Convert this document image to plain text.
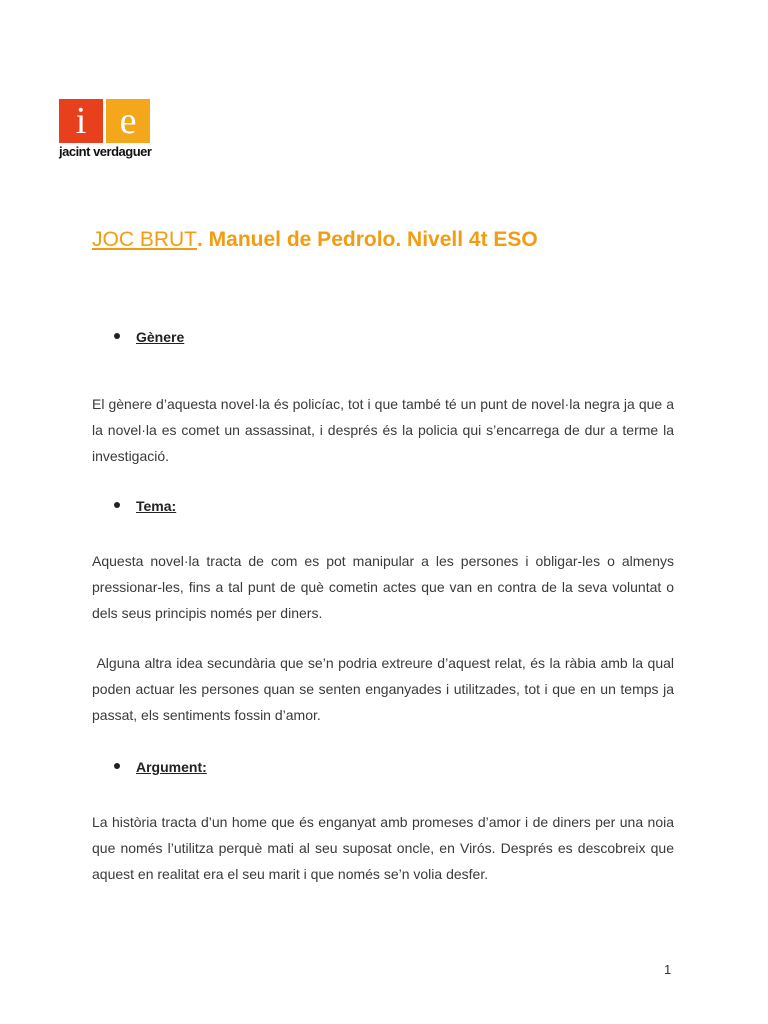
i e
jacint verdaguer
JOC BRUT. Manuel de Pedrolo. Nivell 4t ESO
Gènere

El gènere d’aquesta novel·la és policíac, tot i que també té un punt de novel·la negra ja que a la novel·la es comet un assassinat, i després és la policia qui s’encarrega de dur a terme la investigació.

Tema:

Aquesta novel·la tracta de com es pot manipular a les persones i obligar-les o almenys pressionar-les, fins a tal punt de què cometin actes que van en contra de la seva voluntat o dels seus principis només per diners.

Alguna altra idea secundària que se’n podria extreure d’aquest relat, és la ràbia amb la qual poden actuar les persones quan se senten enganyades i utilitzades, tot i que en un temps ja passat, els sentiments fossin d’amor.

Argument:

La història tracta d’un home que és enganyat amb promeses d’amor i de diners per una noia que només l’utilitza perquè mati al seu suposat oncle, en Virós. Després es descobreix que aquest en realitat era el seu marit i que només se’n volia desfer.

1
